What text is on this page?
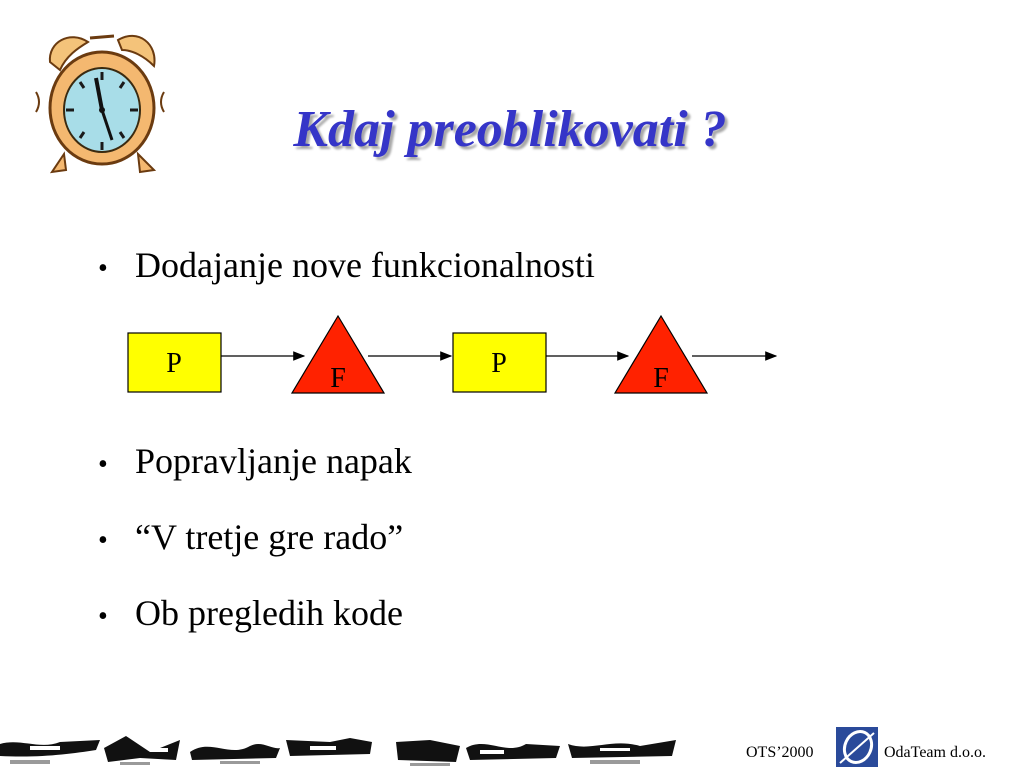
Kdaj preoblikovati ?
• Dodajanje nove funkcionalnosti
P	F	P	F
• Popravljanje napak
• “V tretje gre rado”
• Ob pregledih kode
OTS’2000	OdaTeam d.o.o.
